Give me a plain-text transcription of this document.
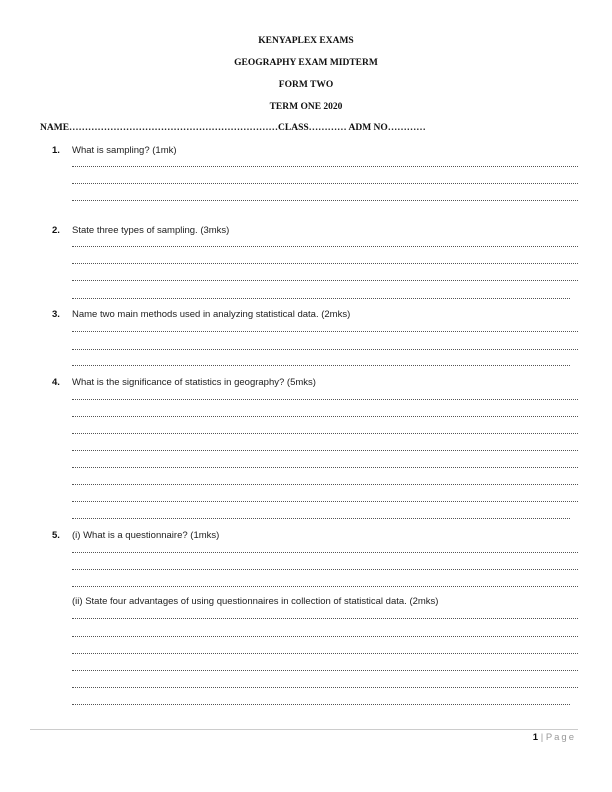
KENYAPLEX EXAMS
GEOGRAPHY EXAM MIDTERM
FORM TWO
TERM ONE 2020
NAME…………………………………………………………CLASS………… ADM NO…………
1. What is sampling? (1mk)
2. State three types of sampling. (3mks)
3. Name two main methods used in analyzing statistical data. (2mks)
4. What is the significance of statistics in geography? (5mks)
5. (i) What is a questionnaire? (1mks)
(ii) State four advantages of using questionnaires in collection of statistical data. (2mks)
1 | Page
